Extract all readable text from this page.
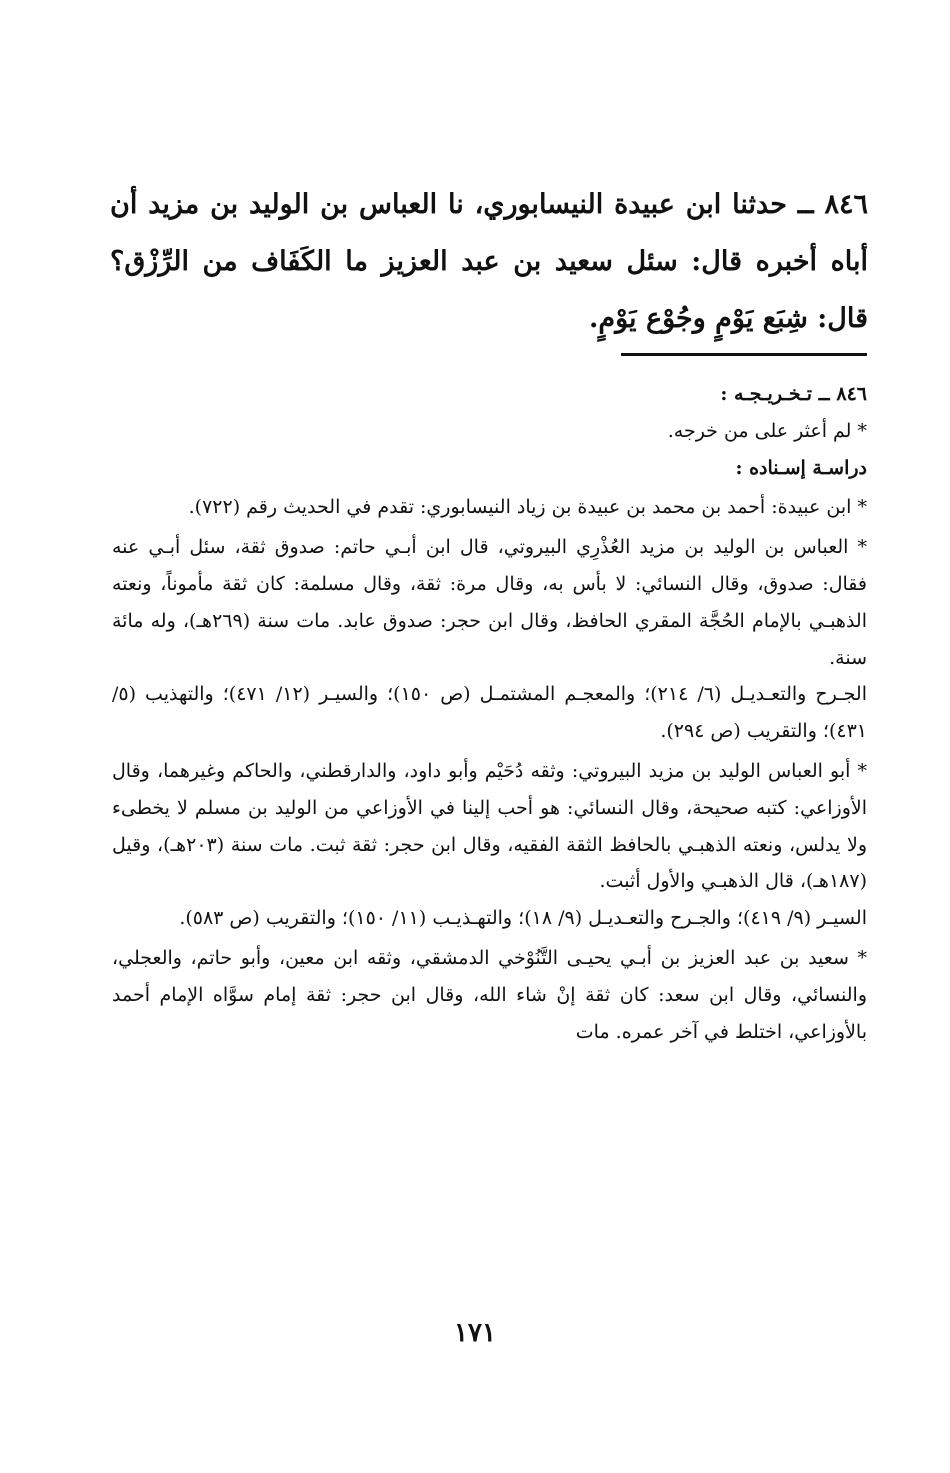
٨٤٦ ــ حدثنا ابن عبيدة النيسابوري، نا العباس بن الوليد بن مزيد أن أباه أخبره قال: سئل سعيد بن عبد العزيز ما الكَفَاف من الرِّزْق؟ قال: شِبَع يَوْمٍ وجُوْع يَوْمٍ.

٨٤٦ ــ تـخـريـجـه :

* لم أعثر على من خرجه.

دراسـة إسـناده :

* ابن عبيدة: أحمد بن محمد بن عبيدة بن زياد النيسابوري: تقدم في الحديث رقم (٧٢٢).

* العباس بن الوليد بن مزيد العُذْرِي البيروتي، قال ابن أبـي حاتم: صدوق ثقة، سئل أبـي عنه فقال: صدوق، وقال النسائي: لا بأس به، وقال مرة: ثقة، وقال مسلمة: كان ثقة مأموناً، ونعته الذهبـي بالإمام الحُجَّة المقري الحافظ، وقال ابن حجر: صدوق عابد. مات سنة (٢٦٩هـ)، وله مائة سنة.

الجـرح والتعـديـل (٦/ ٢١٤)؛ والمعجـم المشتمـل (ص ١٥٠)؛ والسيـر (١٢/ ٤٧١)؛ والتهذيب (٥/ ٤٣١)؛ والتقريب (ص ٢٩٤).

* أبو العباس الوليد بن مزيد البيروتي: وثقه دُحَيْم وأبو داود، والدارقطني، والحاكم وغيرهما، وقال الأوزاعي: كتبه صحيحة، وقال النسائي: هو أحب إلينا في الأوزاعي من الوليد بن مسلم لا يخطىء ولا يدلس، ونعته الذهبـي بالحافظ الثقة الفقيه، وقال ابن حجر: ثقة ثبت. مات سنة (٢٠٣هـ)، وقيل (١٨٧هـ)، قال الذهبـي والأول أثبت.

السيـر (٩/ ٤١٩)؛ والجـرح والتعـديـل (٩/ ١٨)؛ والتهـذيـب (١١/ ١٥٠)؛ والتقريب (ص ٥٨٣).

* سعيد بن عبد العزيز بن أبـي يحيـى التَّنُوْخي الدمشقي، وثقه ابن معين، وأبو حاتم، والعجلي، والنسائي، وقال ابن سعد: كان ثقة إنْ شاء الله، وقال ابن حجر: ثقة إمام سوَّاه الإمام أحمد بالأوزاعي، اختلط في آخر عمره. مات

١٧١
